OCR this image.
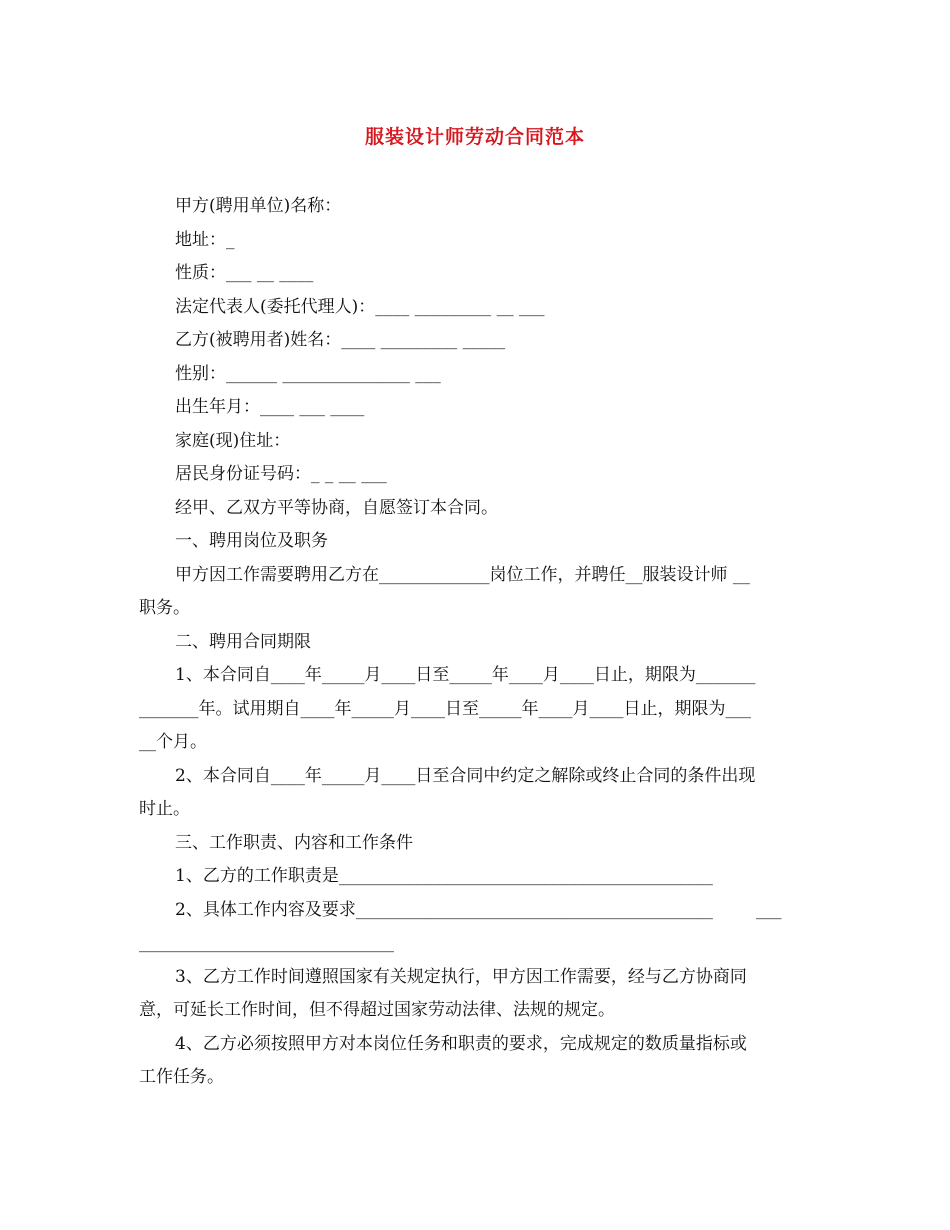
服装设计师劳动合同范本
甲方(聘用单位)名称：
地址：_
性质：___ __ ____
法定代表人(委托代理人)：____ _________ __ ___
乙方(被聘用者)姓名：____ _________ _____
性别：______ _______________ ___
出生年月：____ ___ ____
家庭(现)住址：
居民身份证号码：_ _ __ ___
经甲、乙双方平等协商，自愿签订本合同。
一、聘用岗位及职务
甲方因工作需要聘用乙方在_____________岗位工作，并聘任__服装设计师 __
职务。
二、聘用合同期限
1、本合同自____年_____月____日至_____年____月____日止，期限为_______
_______年。试用期自____年_____月____日至_____年____月____日止，期限为___
__个月。
2、本合同自____年_____月____日至合同中约定之解除或终止合同的条件出现
时止。
三、工作职责、内容和工作条件
1、乙方的工作职责是____________________________________________
2、具体工作内容及要求__________________________________________        ___
______________________________
3、乙方工作时间遵照国家有关规定执行，甲方因工作需要，经与乙方协商同
意，可延长工作时间，但不得超过国家劳动法律、法规的规定。
4、乙方必须按照甲方对本岗位任务和职责的要求，完成规定的数质量指标或
工作任务。
